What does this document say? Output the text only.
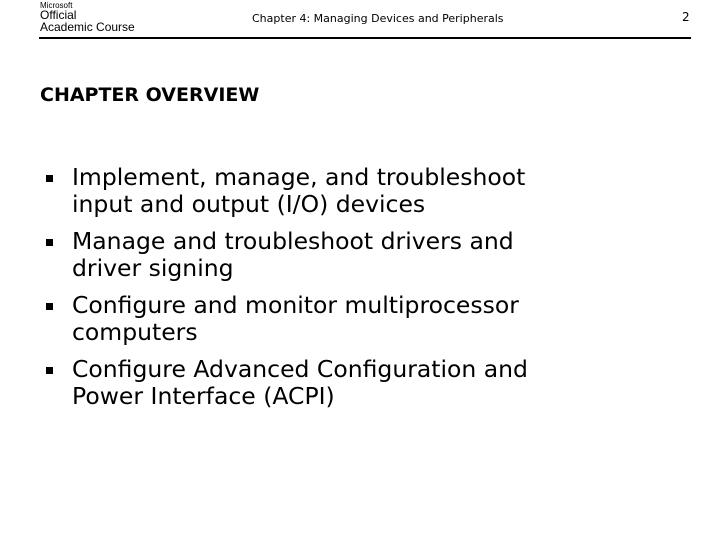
Microsoft
Official
Academic Course
Chapter 4: Managing Devices and Peripherals	2
CHAPTER OVERVIEW
Implement, manage, and troubleshoot
input and output (I/O) devices
Manage and troubleshoot drivers and
driver signing
Configure and monitor multiprocessor
computers
Configure Advanced Configuration and
Power Interface (ACPI)
